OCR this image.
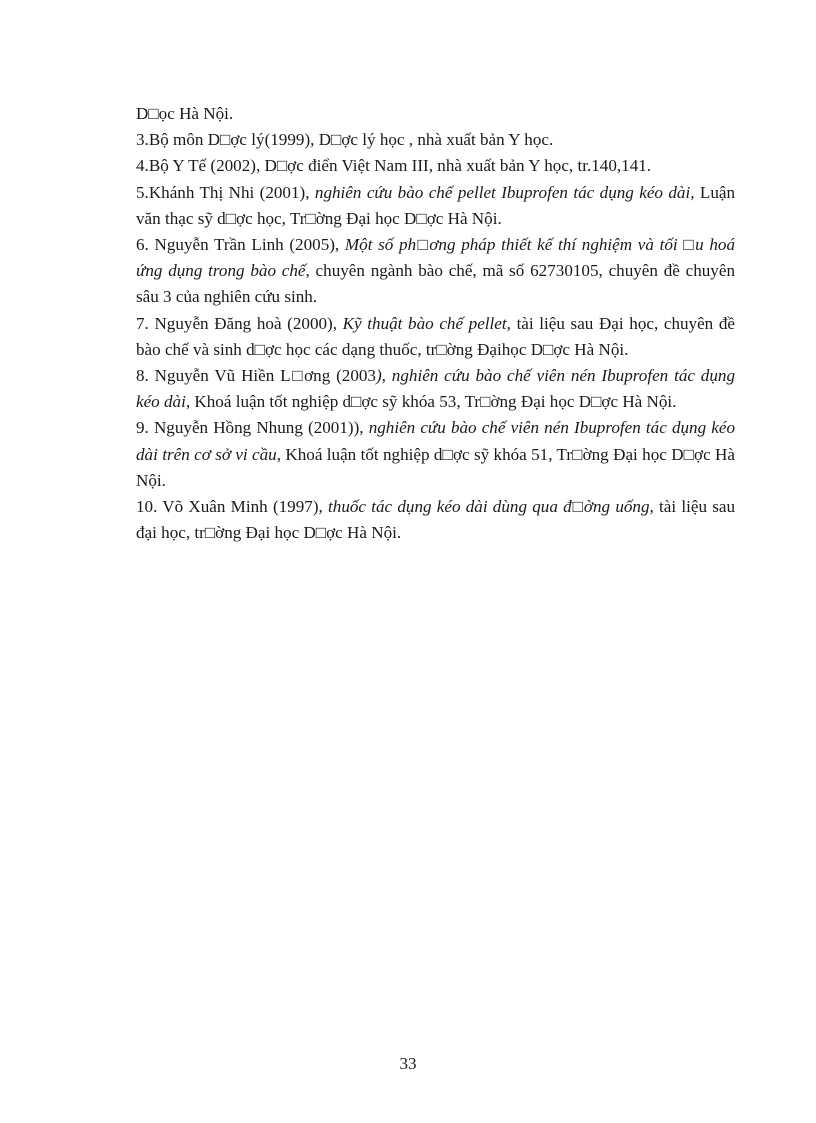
D□ọc Hà Nội.

3.Bộ môn D□ợc lý(1999), D□ợc lý học , nhà xuất bản Y học.

4.Bộ Y Tế (2002), D□ợc điển Việt Nam III, nhà xuất bản Y học, tr.140,141.

5.Khánh Thị Nhi (2001), nghiên cứu bào chế pellet Ibuprofen tác dụng kéo dài, Luận văn thạc sỹ d□ợc học, Tr□ờng Đại học D□ợc Hà Nội.

6. Nguyễn Trần Linh (2005), Một số ph□ơng pháp thiết kế thí nghiệm và tối □u hoá ứng dụng trong bào chế, chuyên ngành bào chế, mã số 62730105, chuyên đề chuyên sâu 3 của nghiên cứu sinh.

7. Nguyễn Đăng hoà (2000), Kỹ thuật bào chế pellet, tài liệu sau Đại học, chuyên đề bào chế và sinh d□ợc học các dạng thuốc, tr□ờng Đạihọc D□ợc Hà Nội.

8. Nguyễn Vũ Hiền L□ơng (2003), nghiên cứu bào chế viên nén Ibuprofen tác dụng kéo dài, Khoá luận tốt nghiệp d□ợc sỹ khóa 53, Tr□ờng Đại học D□ợc Hà Nội.

9. Nguyễn Hồng Nhung (2001)), nghiên cứu bào chế viên nén Ibuprofen tác dụng kéo dài trên cơ sở vi cầu, Khoá luận tốt nghiệp d□ợc sỹ khóa 51, Tr□ờng Đại học D□ợc Hà Nội.

10. Võ Xuân Minh (1997), thuốc tác dụng kéo dài dùng qua đ□ờng uống, tài liệu sau đại học, tr□ờng Đại học D□ợc Hà Nội.

33
